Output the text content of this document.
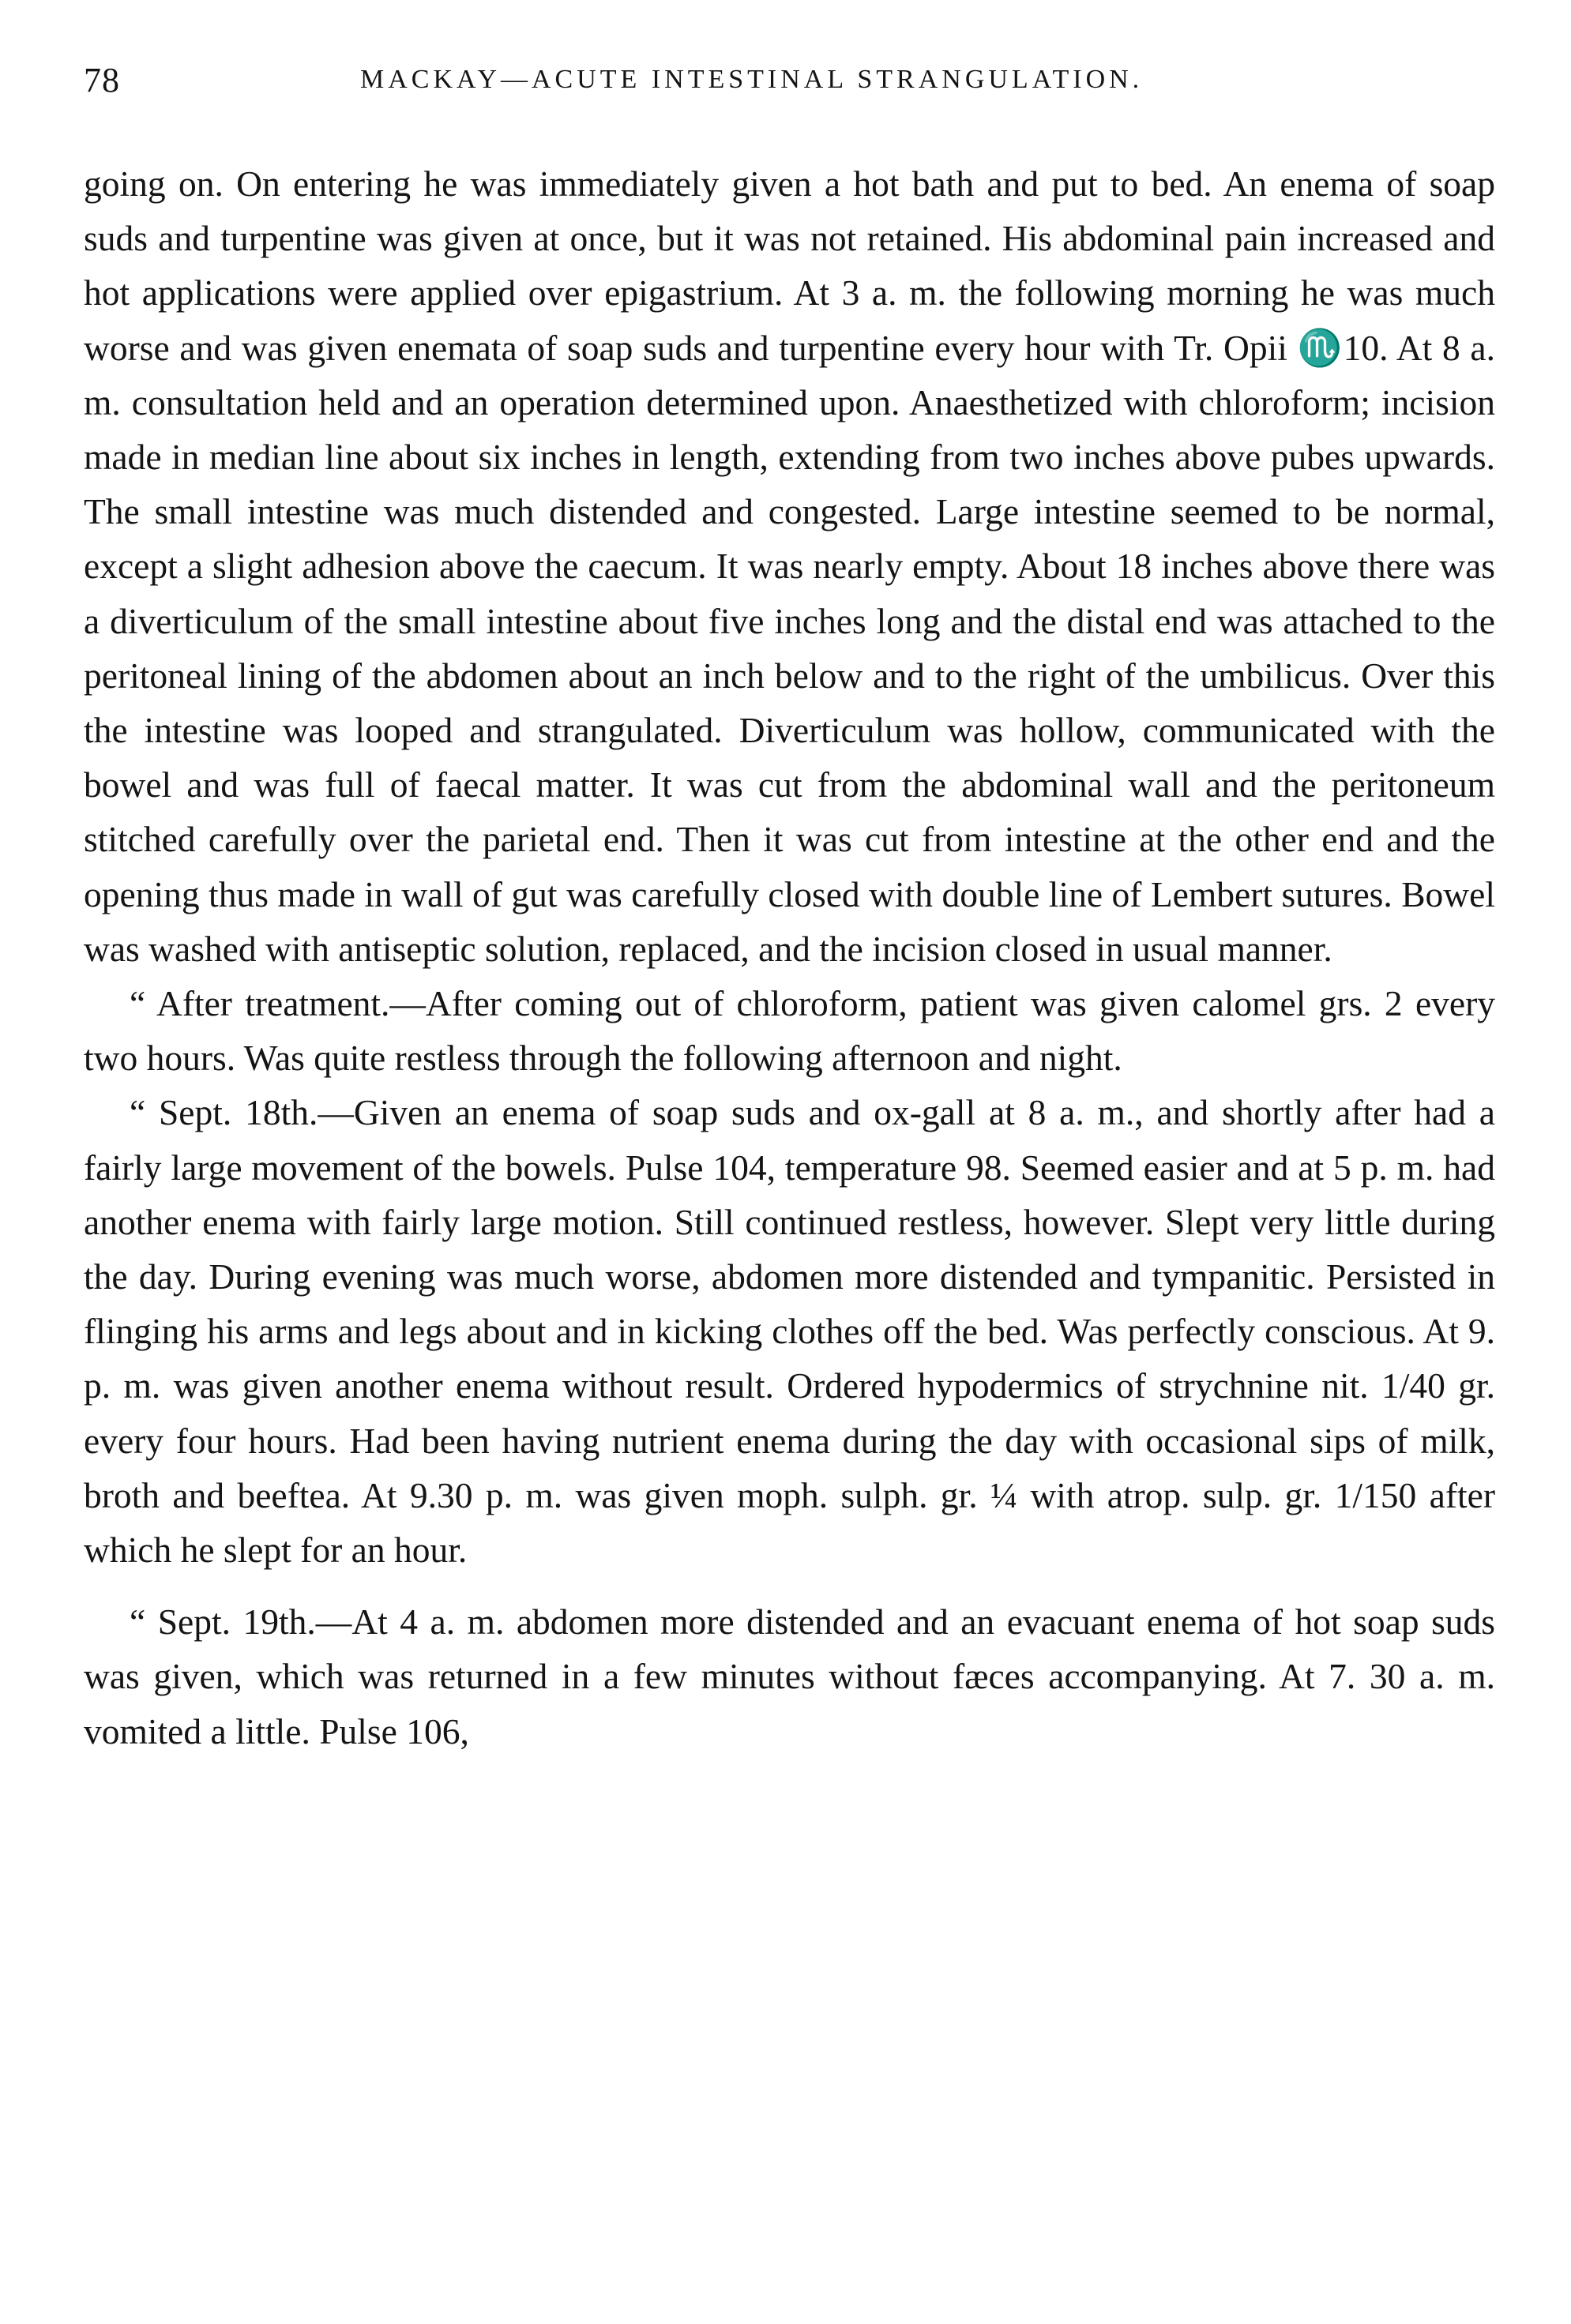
78	MACKAY—ACUTE INTESTINAL STRANGULATION.

going on. On entering he was immediately given a hot bath and put to bed. An enema of soap suds and turpentine was given at once, but it was not retained. His abdominal pain increased and hot applications were applied over epigastrium. At 3 a. m. the following morning he was much worse and was given enemata of soap suds and turpentine every hour with Tr. Opii ♏10. At 8 a. m. consultation held and an operation determined upon. Anaesthetized with chloroform; incision made in median line about six inches in length, extending from two inches above pubes upwards. The small intestine was much distended and congested. Large intestine seemed to be normal, except a slight adhesion above the caecum. It was nearly empty. About 18 inches above there was a diverticulum of the small intestine about five inches long and the distal end was attached to the peritoneal lining of the abdomen about an inch below and to the right of the umbilicus. Over this the intestine was looped and strangulated. Diverticulum was hollow, communicated with the bowel and was full of faecal matter. It was cut from the abdominal wall and the peritoneum stitched carefully over the parietal end. Then it was cut from intestine at the other end and the opening thus made in wall of gut was carefully closed with double line of Lembert sutures. Bowel was washed with antiseptic solution, replaced, and the incision closed in usual manner.

“ After treatment.—After coming out of chloroform, patient was given calomel grs. 2 every two hours. Was quite restless through the following afternoon and night.

“ Sept. 18th.—Given an enema of soap suds and ox-gall at 8 a. m., and shortly after had a fairly large movement of the bowels. Pulse 104, temperature 98. Seemed easier and at 5 p. m. had another enema with fairly large motion. Still continued restless, however. Slept very little during the day. During evening was much worse, abdomen more distended and tympanitic. Persisted in flinging his arms and legs about and in kicking clothes off the bed. Was perfectly conscious. At 9. p. m. was given another enema without result. Ordered hypodermics of strychnine nit. 1/40 gr. every four hours. Had been having nutrient enema during the day with occasional sips of milk, broth and beeftea. At 9.30 p. m. was given moph. sulph. gr. ¼ with atrop. sulp. gr. 1/150 after which he slept for an hour.

“ Sept. 19th.—At 4 a. m. abdomen more distended and an evacuant enema of hot soap suds was given, which was returned in a few minutes without fæces accompanying. At 7. 30 a. m. vomited a little. Pulse 106,
